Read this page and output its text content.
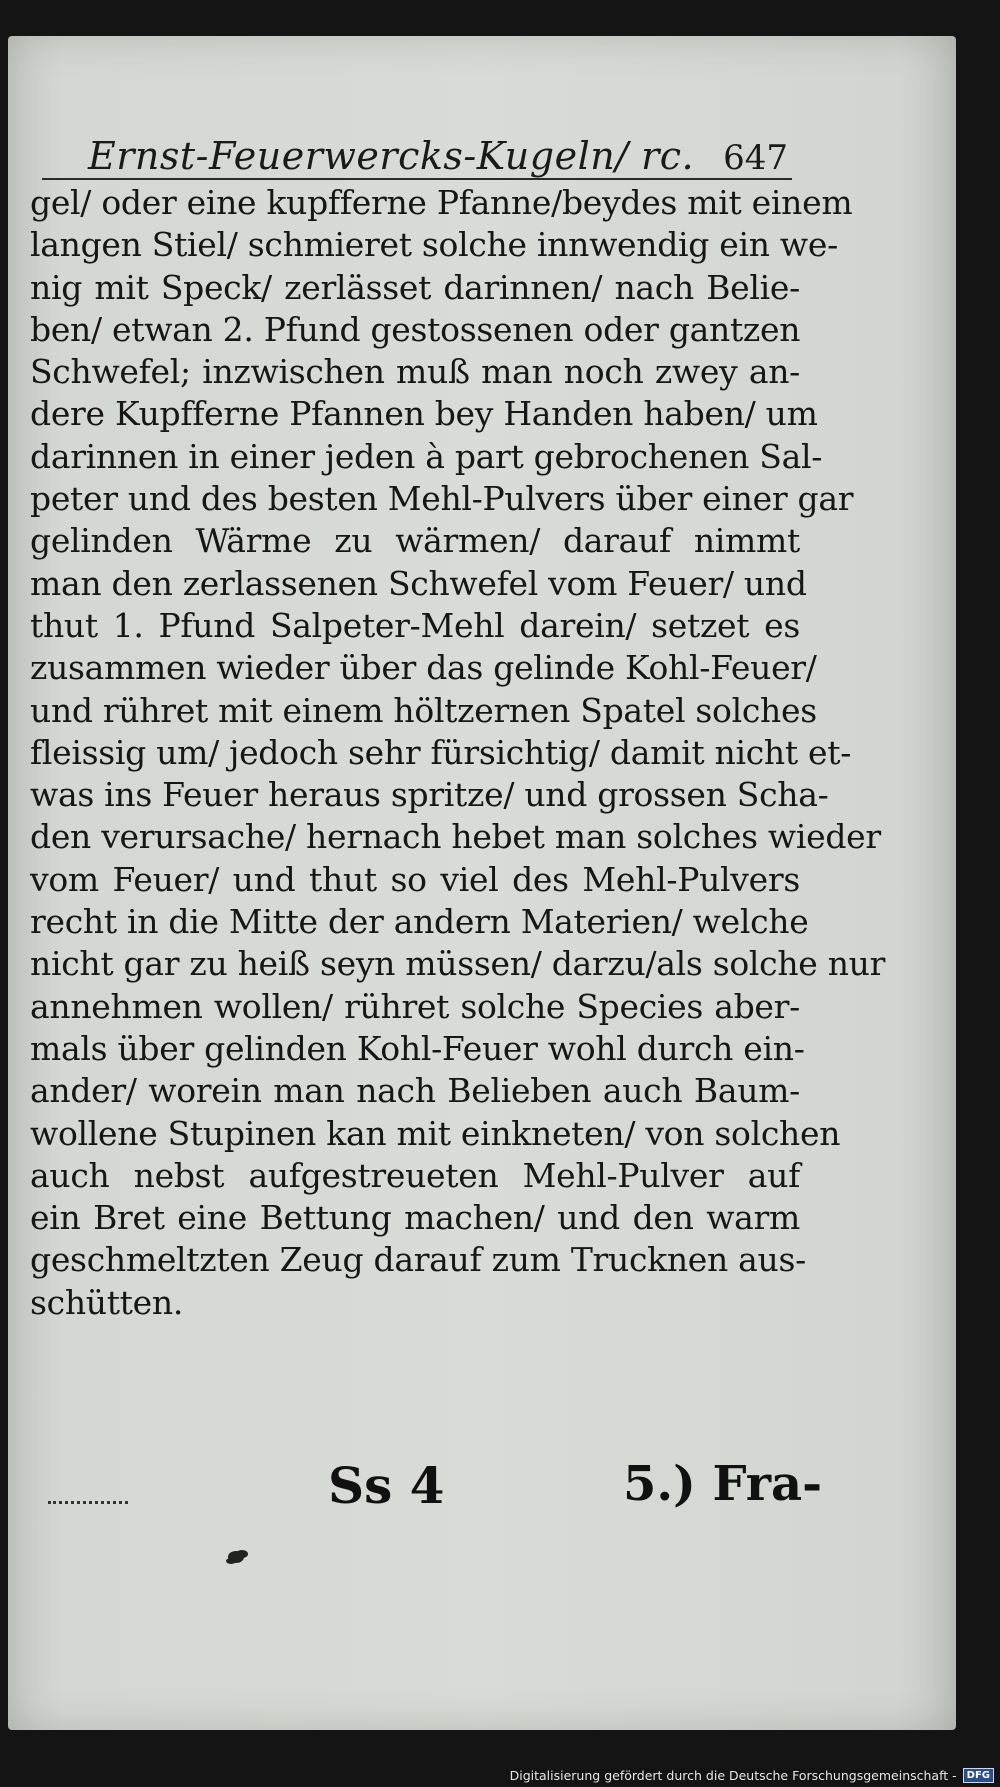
Ernst-Feuerwercks-Kugeln/ rc. 647
gel/ oder eine kupfferne Pfanne/beydes mit einem
langen Stiel/ schmieret solche innwendig ein we-
nig mit Speck/ zerlässet darinnen/ nach Belie-
ben/ etwan 2. Pfund gestossenen oder gantzen
Schwefel; inzwischen muß man noch zwey an-
dere Kupfferne Pfannen bey Handen haben/ um
darinnen in einer jeden à part gebrochenen Sal-
peter und des besten Mehl-Pulvers über einer gar
gelinden Wärme zu wärmen/ darauf nimmt
man den zerlassenen Schwefel vom Feuer/ und
thut 1. Pfund Salpeter-Mehl darein/ setzet es
zusammen wieder über das gelinde Kohl-Feuer/
und rühret mit einem höltzernen Spatel solches
fleissig um/ jedoch sehr fürsichtig/ damit nicht et-
was ins Feuer heraus spritze/ und grossen Scha-
den verursache/ hernach hebet man solches wieder
vom Feuer/ und thut so viel des Mehl-Pulvers
recht in die Mitte der andern Materien/ welche
nicht gar zu heiß seyn müssen/ darzu/als solche nur
annehmen wollen/ rühret solche Species aber-
mals über gelinden Kohl-Feuer wohl durch ein-
ander/ worein man nach Belieben auch Baum-
wollene Stupinen kan mit einkneten/ von solchen
auch nebst aufgestreueten Mehl-Pulver auf
ein Bret eine Bettung machen/ und den warm
geschmeltzten Zeug darauf zum Trucknen aus-
schütten.
Ss 4	5.) Fra-
Digitalisierung gefördert durch die Deutsche Forschungsgemeinschaft -	DFG
